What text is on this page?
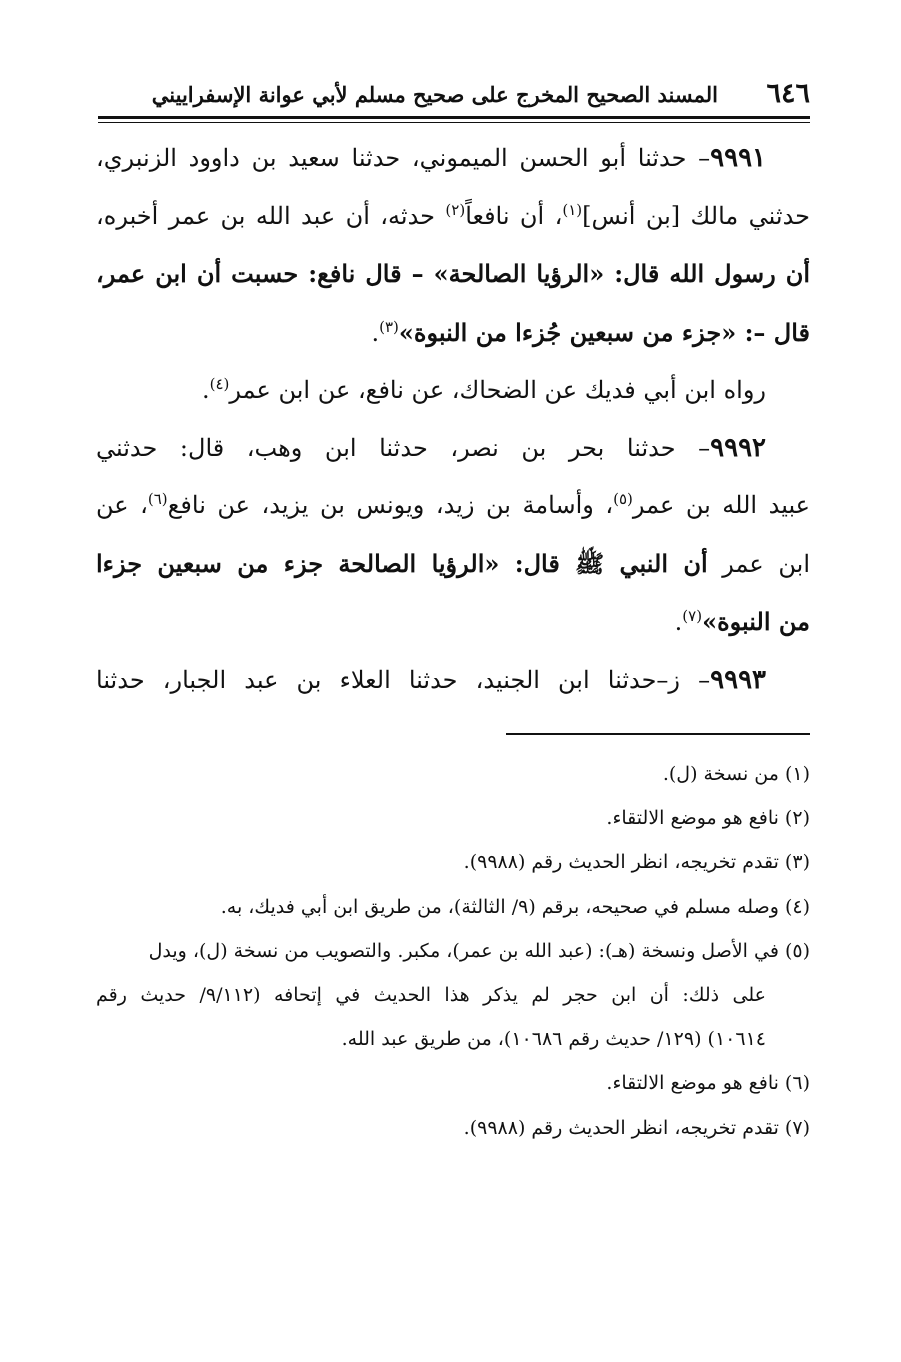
٦٤٦
المسند الصحيح المخرج على صحيح مسلم لأبي عوانة الإسفراييني
٩٩٩١– حدثنا أبو الحسن الميموني، حدثنا سعيد بن داوود الزنبري،
حدثني مالك [بن أنس]$^{(١)}$، أن نافعاً$^{(٢)}$ حدثه، أن عبد الله بن عمر أخبره،
أن رسول الله قال: «الرؤيا الصالحة» – قال نافع: حسبت أن ابن عمر،
قال –: «جزء من سبعين جُزءا من النبوة»$^{(٣)}$.
رواه ابن أبي فديك عن الضحاك، عن نافع، عن ابن عمر$^{(٤)}$.
٩٩٩٢– حدثنا بحر بن نصر، حدثنا ابن وهب، قال: حدثني
عبيد الله بن عمر$^{(٥)}$، وأسامة بن زيد، ويونس بن يزيد، عن نافع$^{(٦)}$، عن
ابن عمر أن النبي ﷺ قال: «الرؤيا الصالحة جزء من سبعين جزءا
من النبوة»$^{(٧)}$.
٩٩٩٣– ز–حدثنا ابن الجنيد، حدثنا العلاء بن عبد الجبار، حدثنا
(١) من نسخة (ل).
(٢) نافع هو موضع الالتقاء.
(٣) تقدم تخريجه، انظر الحديث رقم (٩٩٨٨).
(٤) وصله مسلم في صحيحه، برقم (٩/ الثالثة)، من طريق ابن أبي فديك، به.
(٥) في الأصل ونسخة (هـ): (عبد الله بن عمر)، مكبر. والتصويب من نسخة (ل)، ويدل
على ذلك: أن ابن حجر لم يذكر هذا الحديث في إتحافه (٩/١١٢/ حديث رقم
١٠٦١٤) (١٢٩/ حديث رقم ١٠٦٨٦)، من طريق عبد الله.
(٦) نافع هو موضع الالتقاء.
(٧) تقدم تخريجه، انظر الحديث رقم (٩٩٨٨).
